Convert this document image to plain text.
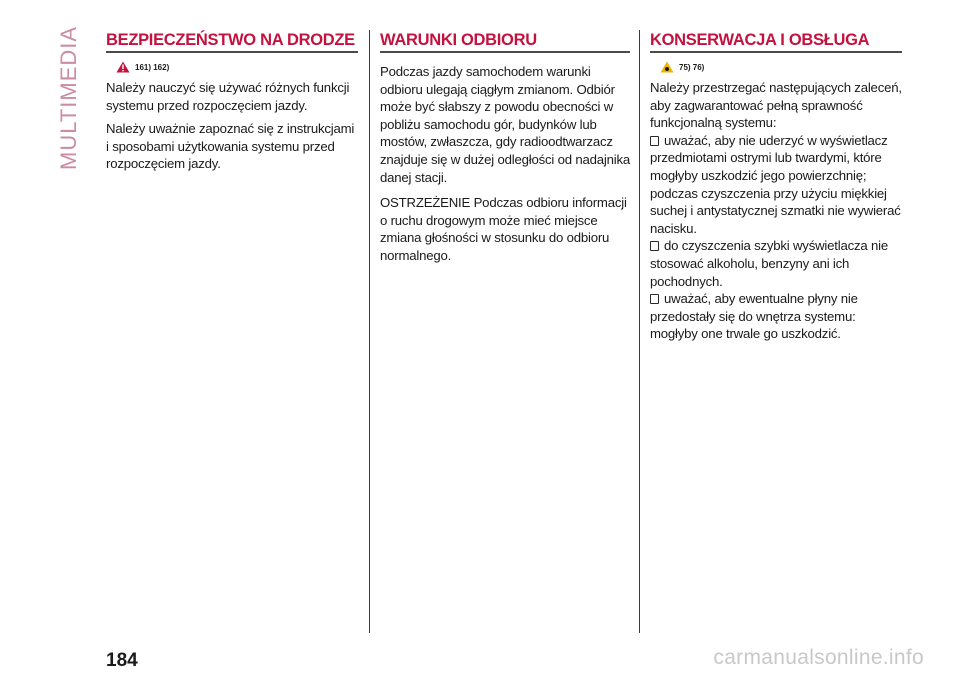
MULTIMEDIA BEZPIECZEŃSTWO NA DRODZE
161) 162)

Należy nauczyć się używać różnych funkcji systemu przed rozpoczęciem jazdy.

Należy uważnie zapoznać się z instrukcjami i sposobami użytkowania systemu przed rozpoczęciem jazdy.

WARUNKI ODBIORU

Podczas jazdy samochodem warunki odbioru ulegają ciągłym zmianom. Odbiór może być słabszy z powodu obecności w pobliżu samochodu gór, budynków lub mostów, zwłaszcza, gdy radioodtwarzacz znajduje się w dużej odległości od nadajnika danej stacji.

OSTRZEŻENIE Podczas odbioru informacji o ruchu drogowym może mieć miejsce zmiana głośności w stosunku do odbioru normalnego.

KONSERWACJA I OBSŁUGA
75) 76)

Należy przestrzegać następujących zaleceń, aby zagwarantować pełną sprawność funkcjonalną systemu:

uważać, aby nie uderzyć w wyświetlacz przedmiotami ostrymi lub twardymi, które mogłyby uszkodzić jego powierzchnię; podczas czyszczenia przy użyciu miękkiej suchej i antystatycznej szmatki nie wywierać nacisku.
do czyszczenia szybki wyświetlacza nie stosować alkoholu, benzyny ani ich pochodnych.
uważać, aby ewentualne płyny nie przedostały się do wnętrza systemu: mogłyby one trwale go uszkodzić.
184	carmanualsonline.info
